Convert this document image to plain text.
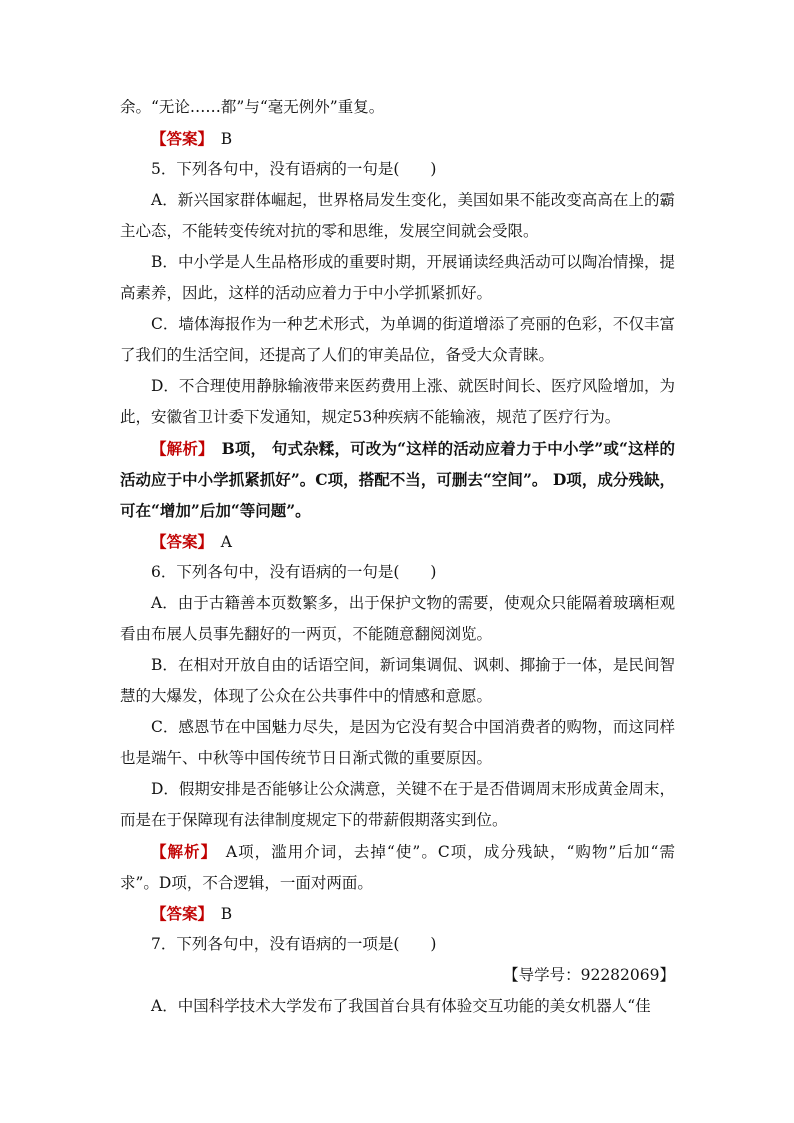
余。“无论……都”与“毫无例外”重复。

【答案】　 B

5．下列各句中，没有语病的一句是(　　)

A．新兴国家群体崛起，世界格局发生变化，美国如果不能改变高高在上的霸主心态，不能转变传统对抗的零和思维，发展空间就会受限。

B．中小学是人生品格形成的重要时期，开展诵读经典活动可以陶冶情操，提高素养，因此，这样的活动应着力于中小学抓紧抓好。

C．墙体海报作为一种艺术形式，为单调的街道增添了亮丽的色彩，不仅丰富了我们的生活空间，还提高了人们的审美品位，备受大众青睐。

D．不合理使用静脉输液带来医药费用上涨、就医时间长、医疗风险增加，为此，安徽省卫计委下发通知，规定53种疾病不能输液，规范了医疗行为。

【解析】　 B项， 句式杂糅，可改为“这样的活动应着力于中小学”或“这样的活动应于中小学抓紧抓好”。C项，搭配不当，可删去“空间”。 D项，成分残缺，可在“增加”后加“等问题”。

【答案】　 A

6．下列各句中，没有语病的一句是(　　)

A．由于古籍善本页数繁多，出于保护文物的需要，使观众只能隔着玻璃柜观看由布展人员事先翻好的一两页，不能随意翻阅浏览。

B．在相对开放自由的话语空间，新词集调侃、讽刺、揶揄于一体，是民间智慧的大爆发，体现了公众在公共事件中的情感和意愿。

C．感恩节在中国魅力尽失，是因为它没有契合中国消费者的购物，而这同样也是端午、中秋等中国传统节日日渐式微的重要原因。

D．假期安排是否能够让公众满意，关键不在于是否借调周末形成黄金周末，而是在于保障现有法律制度规定下的带薪假期落实到位。

【解析】　 A项，滥用介词，去掉“使”。C项，成分残缺，“购物”后加“需求”。D项，不合逻辑，一面对两面。

【答案】　 B

7．下列各句中，没有语病的一项是(　　)

【导学号：92282069】

A．中国科学技术大学发布了我国首台具有体验交互功能的美女机器人“佳
